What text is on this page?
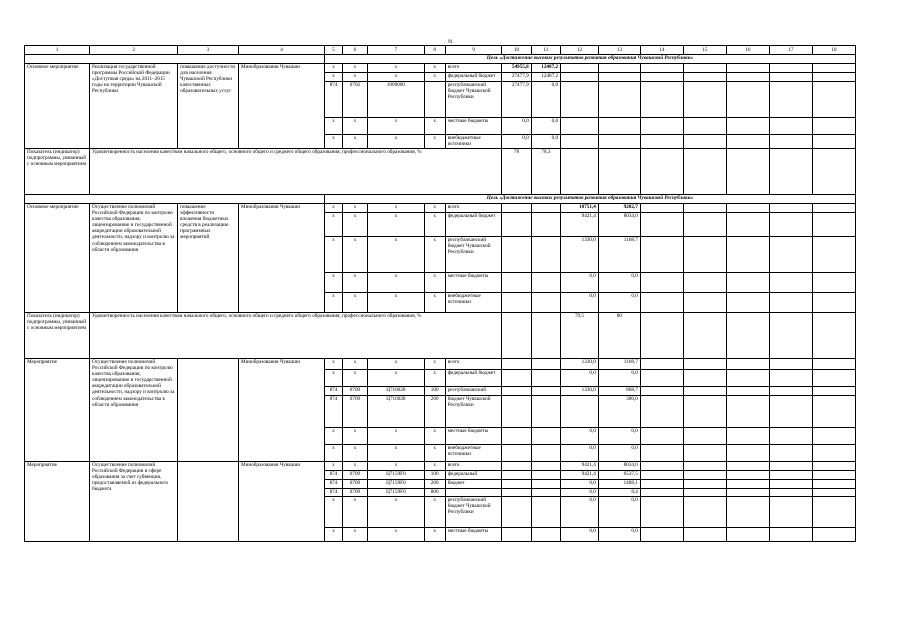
91
1	2	3	4	5	6	7	8	9	10	11	12	13	14	15	16	17	18
				Цель «Достижение высоких результатов развития образования Чувашской Республики»													
Основное мероприятие	Реализация государственной программы Российской Федерации «Доступная среда» на 2011–2015 годы на территории Чувашской Республики	повышение доступности для населения Чувашской Республики качественных образовательных услуг	Минобразования Чувашии	х	х	х	х	всего	54955,8	12487,2							
				х	х	х	х	федеральный бюджет	27477,9	12487,2							
				874	0702	1009000		республиканский бюджет Чувашской Республики	27477,9	0,0							
				х	х	х	х	местные бюджеты	0,0	0,0							
				х	х	х	х	внебюджетные источники	0,0	0,0							
Показатель (индикатор) подпрограммы, увязанный с основным мероприятием	Удовлетворенность населения качеством начального общего, основного общего и среднего общего образования, профессионального образования, %								78	78,3							
				Цель «Достижение высоких результатов развития образования Чувашской Республики»													
Основное мероприятие	Осуществление полномочий Российской Федерации по контролю качества образования, лицензированию и государственной аккредитации образовательной деятельности, надзору и контролю за соблюдением законодательства в области образования	повышение эффективности вложения бюджетных средств в реализацию программных мероприятий	Минобразования Чувашии	х	х	х	х	всего			10751,4	9202,7					
				х	х	х	х	федеральный бюджет			9421,4	8034,0					
				х	х	х	х	республиканский бюджет Чувашской Республики			1330,0	1168,7					
				х	х	х	х	местные бюджеты			0,0	0,0					
				х	х	х	х	внебюджетные источники			0,0	0,0					
Показатель (индикатор) подпрограммы, увязанный с основным мероприятием	Удовлетворенность населения качеством начального общего, основного общего и среднего общего образования, профессионального образования, %										79,5	80					
Мероприятие	Осуществление полномочий Российской Федерации по контролю качества образования, лицензированию и государственной аккредитации образовательной деятельности, надзору и контролю за соблюдением законодательства в области образования		Минобразования Чувашии	х	х	х	х	всего			1330,0	1168,7					
				х	х	х	х	федеральный бюджет			0,0	0,0					
				874	0709	Ц710028	100	республиканский			1330,0	868,7					
				874	0709	Ц710028	200	бюджет Чувашской Республики				300,0					
				х	х	х	х	местные бюджеты			0,0	0,0					
				х	х	х	х	внебюджетные источники			0,0	0,0					
Мероприятие	Осуществление полномочий Российской Федерации в сфере образования за счет субвенции, предоставляемой из федерального бюджета		Минобразования Чувашии	х	х	х	х	всего			9421,4	8034,0					
				874	0709	Ц7159F0	100	федеральный			9421,4	6537,5					
				874	0709	Ц7159F0	200	бюджет			0,0	1488,1					
				874	0709	Ц7159F0	800				0,0	8,4					
				х	х	х	х	республиканский бюджет Чувашской Республики			0,0	0,0					
				х	х	х	х	местные бюджеты			0,0	0,0					
